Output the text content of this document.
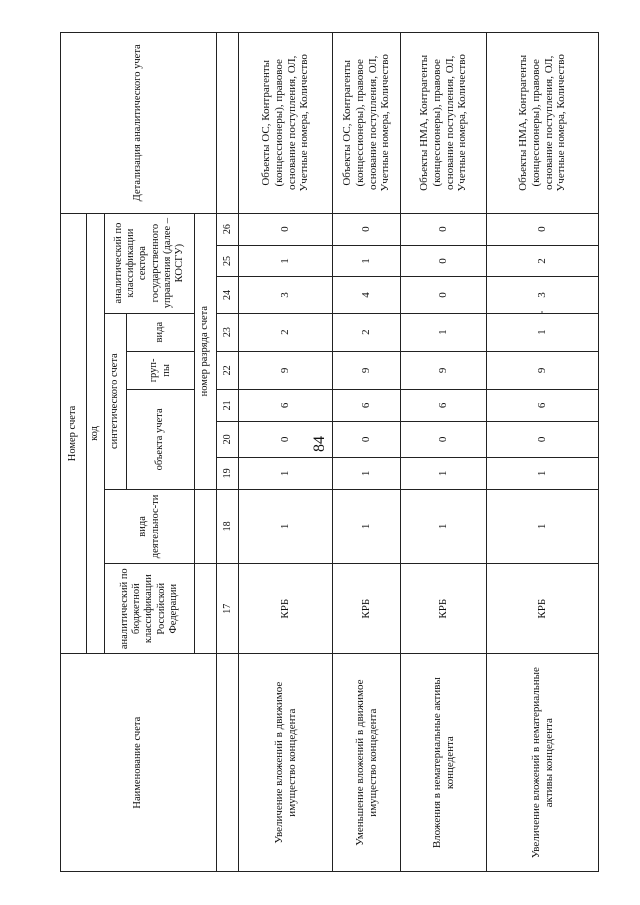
84
Наименование счета	Номер счета										Детализация аналитического учета
	код										
	аналитический по бюджетной классификации Российской Федерации	вида деятельнос-ти	синтетического счета					аналитический по классификации сектора государственного управления (далее – КОСГУ)			
			объекта учета			груп-пы	вида				
			номер разряда счета								
	17	18	19	20	21	22	23	24	25	26	
Увеличение вложений в движимое имущество концедента	КРБ	1	1	0	6	9	2	3	1	0	Объекты ОС, Контрагенты (концессионеры), правовое основание поступления, ОЛ, Учетные номера, Количество
Уменьшение вложений в движимое имущество концедента	КРБ	1	1	0	6	9	2	4	1	0	Объекты ОС, Контрагенты (концессионеры), правовое основание поступления, ОЛ, Учетные номера, Количество
Вложения в нематериальные активы концедента	КРБ	1	1	0	6	9	1	0	0	0	Объекты НМА, Контрагенты (концессионеры), правовое основание поступления, ОЛ, Учетные номера, Количество
Увеличение вложений в нематериальные активы концедента	КРБ	1	1	0	6	9	1	3	2	0	Объекты НМА, Контрагенты (концессионеры), правовое основание поступления, ОЛ, Учетные номера, Количество
